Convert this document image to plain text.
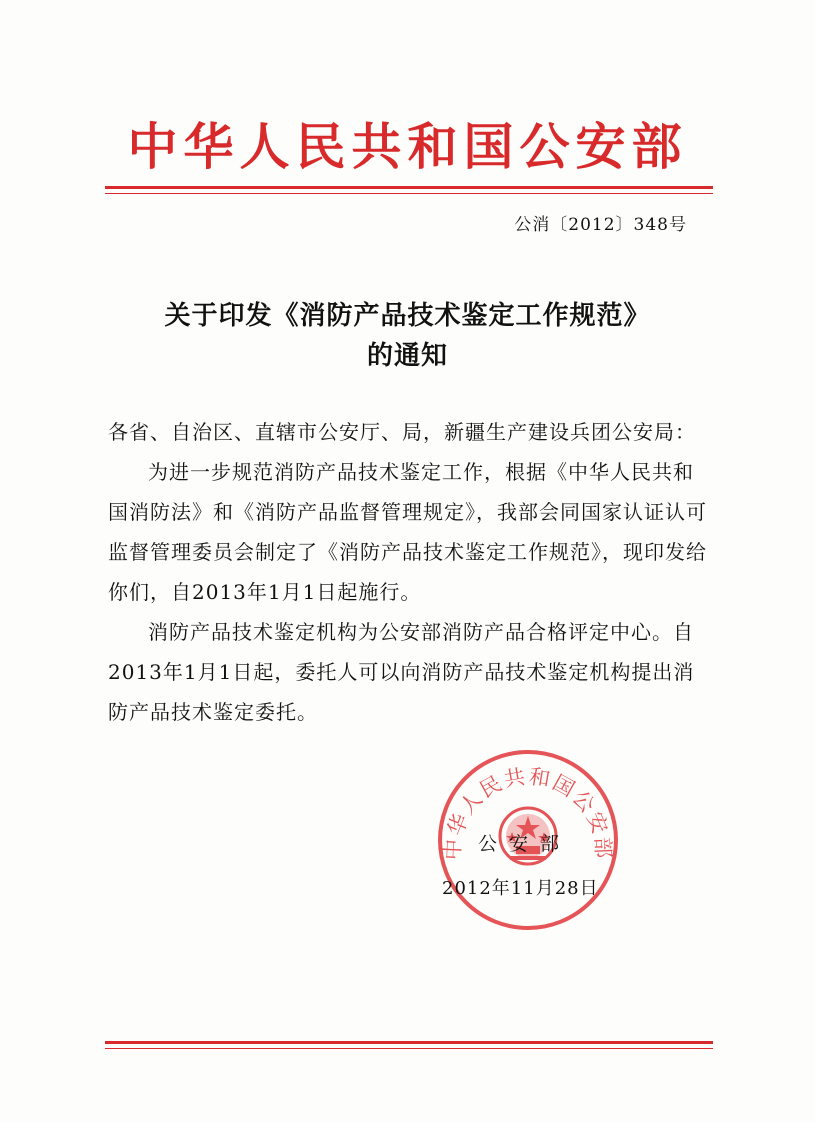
中华人民共和国公安部
公消〔2012〕348号
关于印发《消防产品技术鉴定工作规范》
的通知
各省、自治区、直辖市公安厅、局，新疆生产建设兵团公安局：
为进一步规范消防产品技术鉴定工作，根据《中华人民共和国消防法》和《消防产品监督管理规定》，我部会同国家认证认可监督管理委员会制定了《消防产品技术鉴定工作规范》，现印发给你们，自2013年1月1日起施行。
消防产品技术鉴定机构为公安部消防产品合格评定中心。自2013年1月1日起，委托人可以向消防产品技术鉴定机构提出消防产品技术鉴定委托。
中华人民共和国公安部
公安部
2012年11月28日
